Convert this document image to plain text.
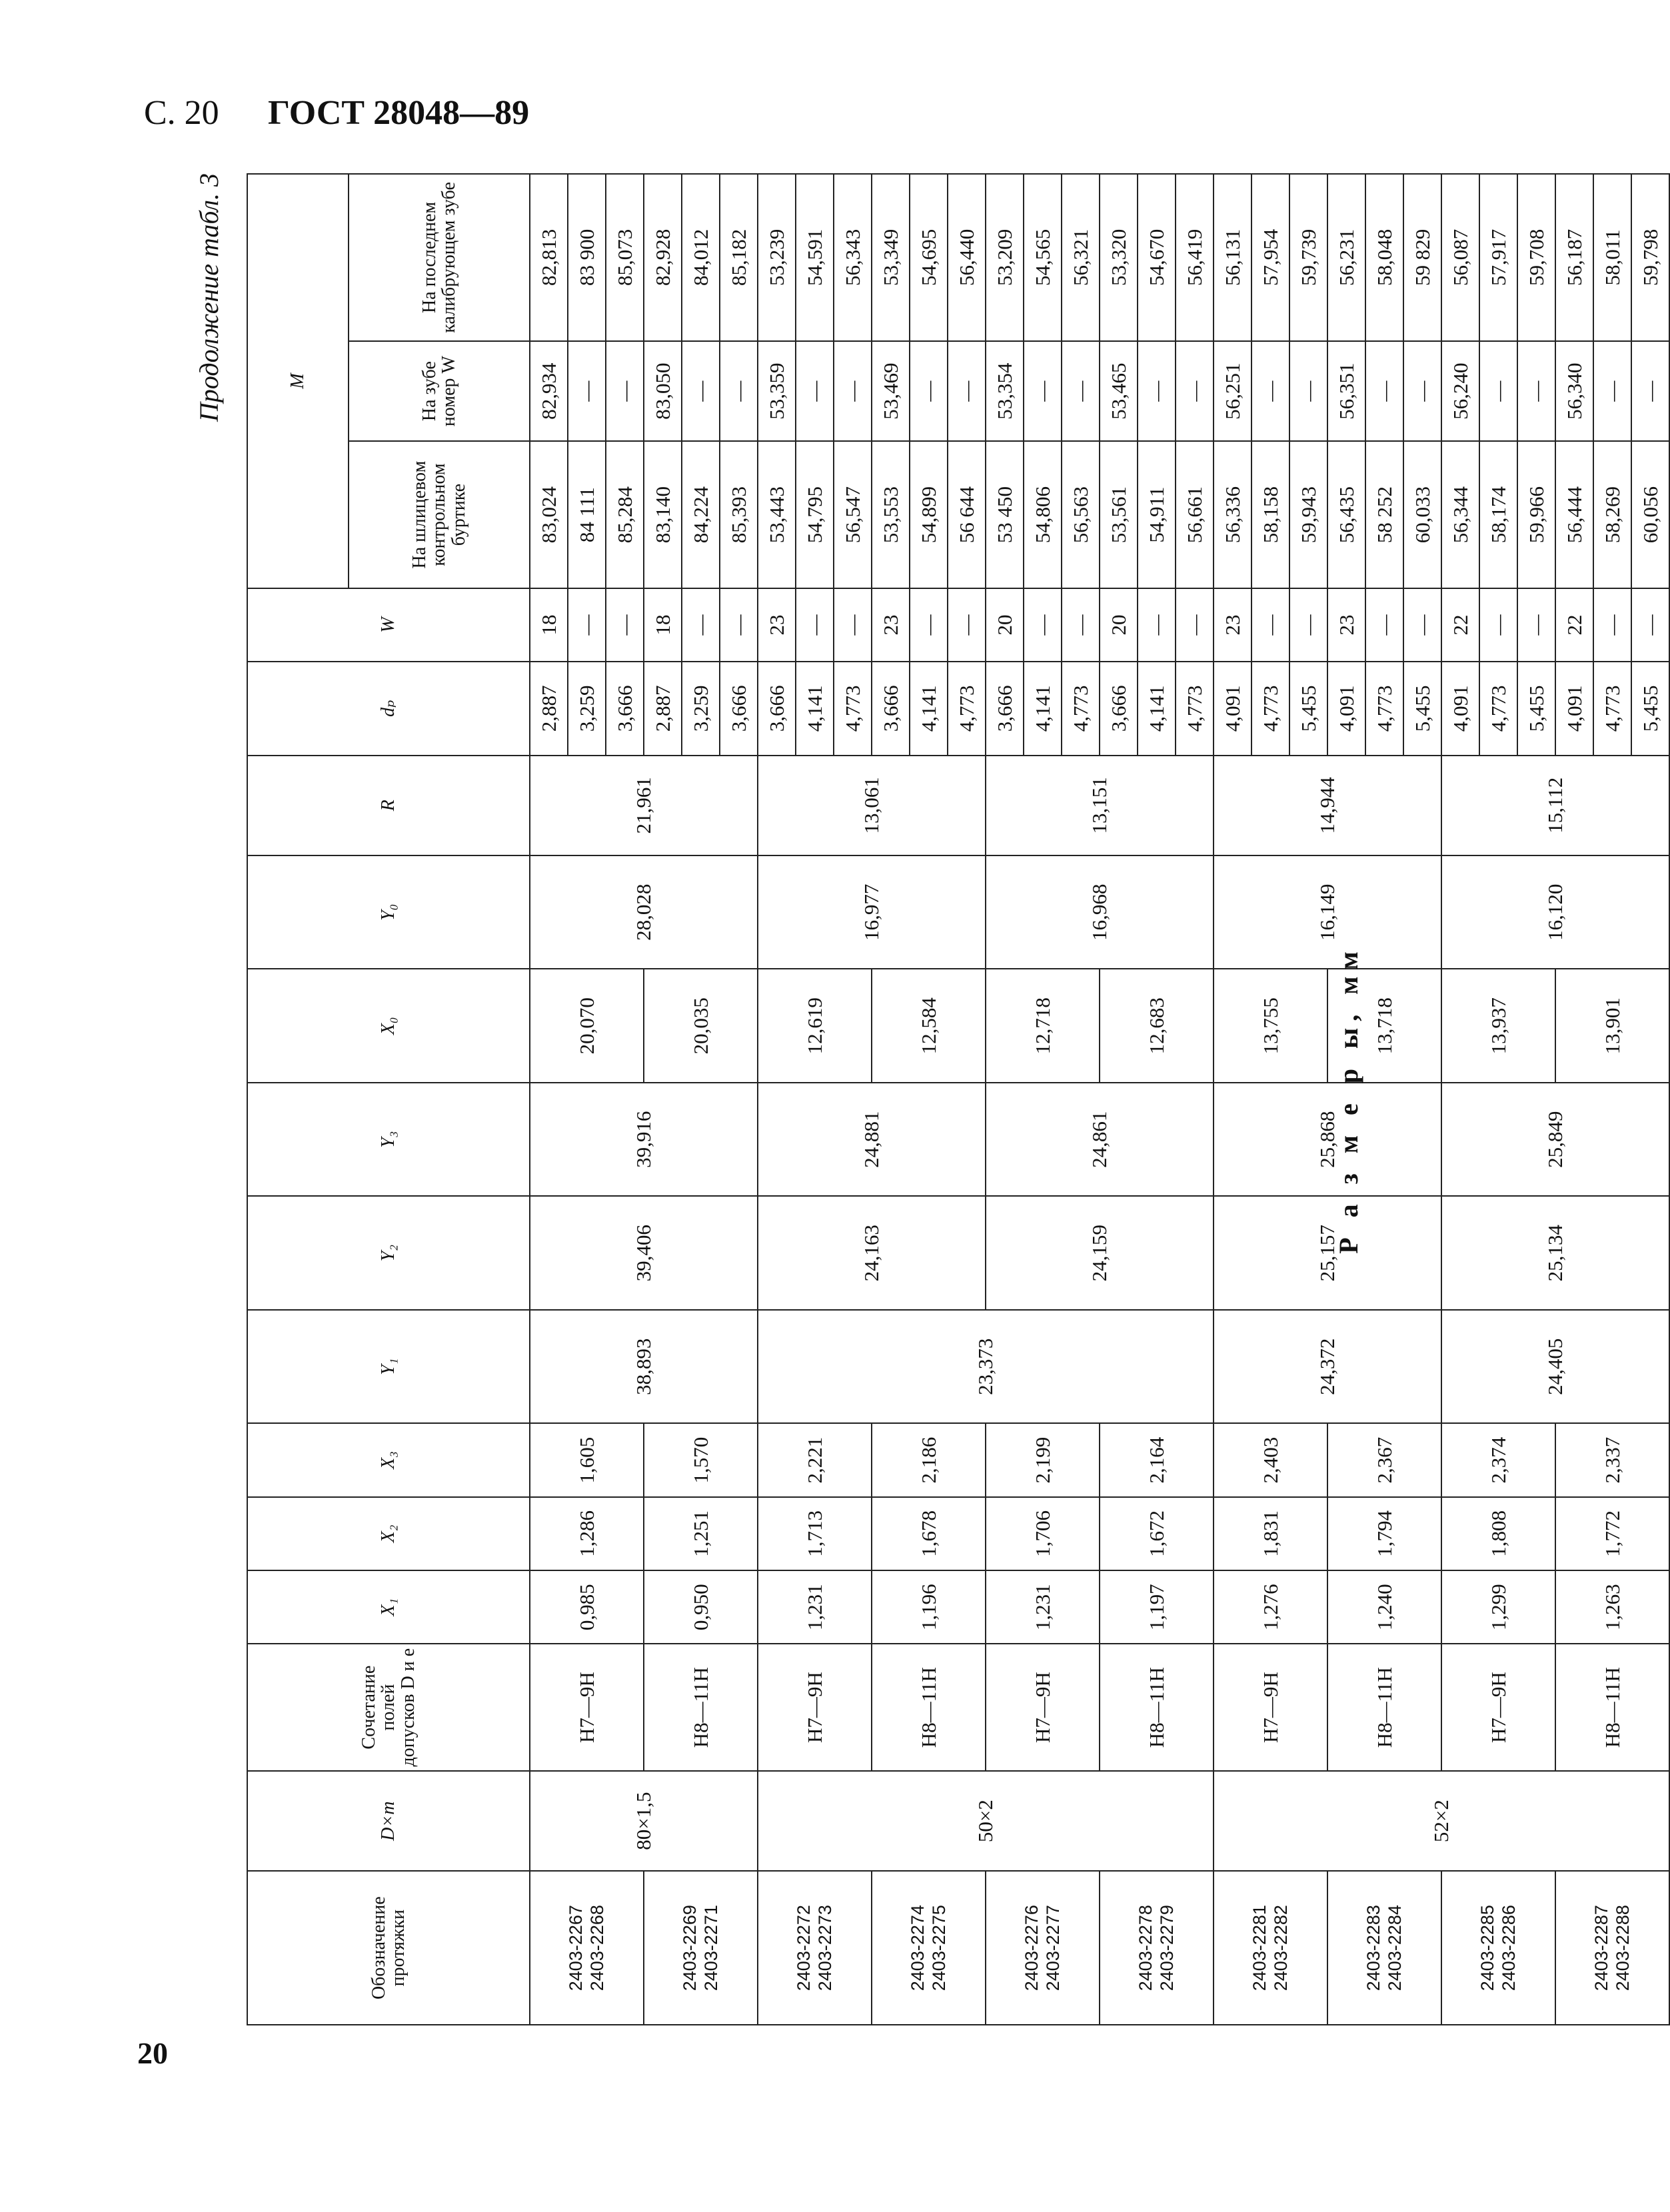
С. 20 ГОСТ 28048—89
Продолжение табл. 3
Обозначение протяжки	D×m	Сочетание полей допусков D и e	X₁	X₂	X₃	Y₁	Y₂	Y₃	X₀	Y₀	R	dₚ	W	M		
														На шлицевом контрольном буртике	На зубе номер W	На последнем калибрующем зубе

2403-2267 2403-2268	80×1,5	H7—9H	0,985	1,286	1,605	38,893	39,406	39,916	20,070	28,028	21,961	2,887	18	83,024	82,934	82,813
												3,259	—	84 111	—	83 900
												3,666	—	85,284	—	85,073

2403-2269 2403-2271		H8—11H	0,950	1,251	1,570				20,035			2,887	18	83,140	83,050	82,928
												3,259	—	84,224	—	84,012
												3,666	—	85,393	—	85,182

2403-2272 2403-2273	50×2	H7—9H	1,231	1,713	2,221	23,373	24,163	24,881	12,619	16,977	13,061	3,666	23	53,443	53,359	53,239
												4,141	—	54,795	—	54,591
												4,773	—	56,547	—	56,343

2403-2274 2403-2275		H8—11H	1,196	1,678	2,186				12,584			3,666	23	53,553	53,469	53,349
												4,141	—	54,899	—	54,695
												4,773	—	56 644	—	56,440

2403-2276 2403-2277		H7—9H	1,231	1,706	2,199		24,159	24,861	12,718	16,968	13,151	3,666	20	53 450	53,354	53,209
												4,141	—	54,806	—	54,565
												4,773	—	56,563	—	56,321

2403-2278 2403-2279		H8—11H	1,197	1,672	2,164				12,683			3,666	20	53,561	53,465	53,320
												4,141	—	54,911	—	54,670
												4,773	—	56,661	—	56,419

2403-2281 2403-2282	52×2	H7—9H	1,276	1,831	2,403	24,372	25,157	25,868	13,755	16,149	14,944	4,091	23	56,336	56,251	56,131
												4,773	—	58,158	—	57,954
												5,455	—	59,943	—	59,739

2403-2283 2403-2284		H8—11H	1,240	1,794	2,367				13,718			4,091	23	56,435	56,351	56,231
												4,773	—	58 252	—	58,048
												5,455	—	60,033	—	59 829

2403-2285 2403-2286		H7—9H	1,299	1,808	2,374	24,405	25,134	25,849	13,937	16,120	15,112	4,091	22	56,344	56,240	56,087
												4,773	—	58,174	—	57,917
												5,455	—	59,966	—	59,708

2403-2287 2403-2288		H8—11H	1,263	1,772	2,337				13,901			4,091	22	56,444	56,340	56,187
												4,773	—	58,269	—	58,011
												5,455	—	60,056	—	59,798
Р а з м е р ы, мм
20
